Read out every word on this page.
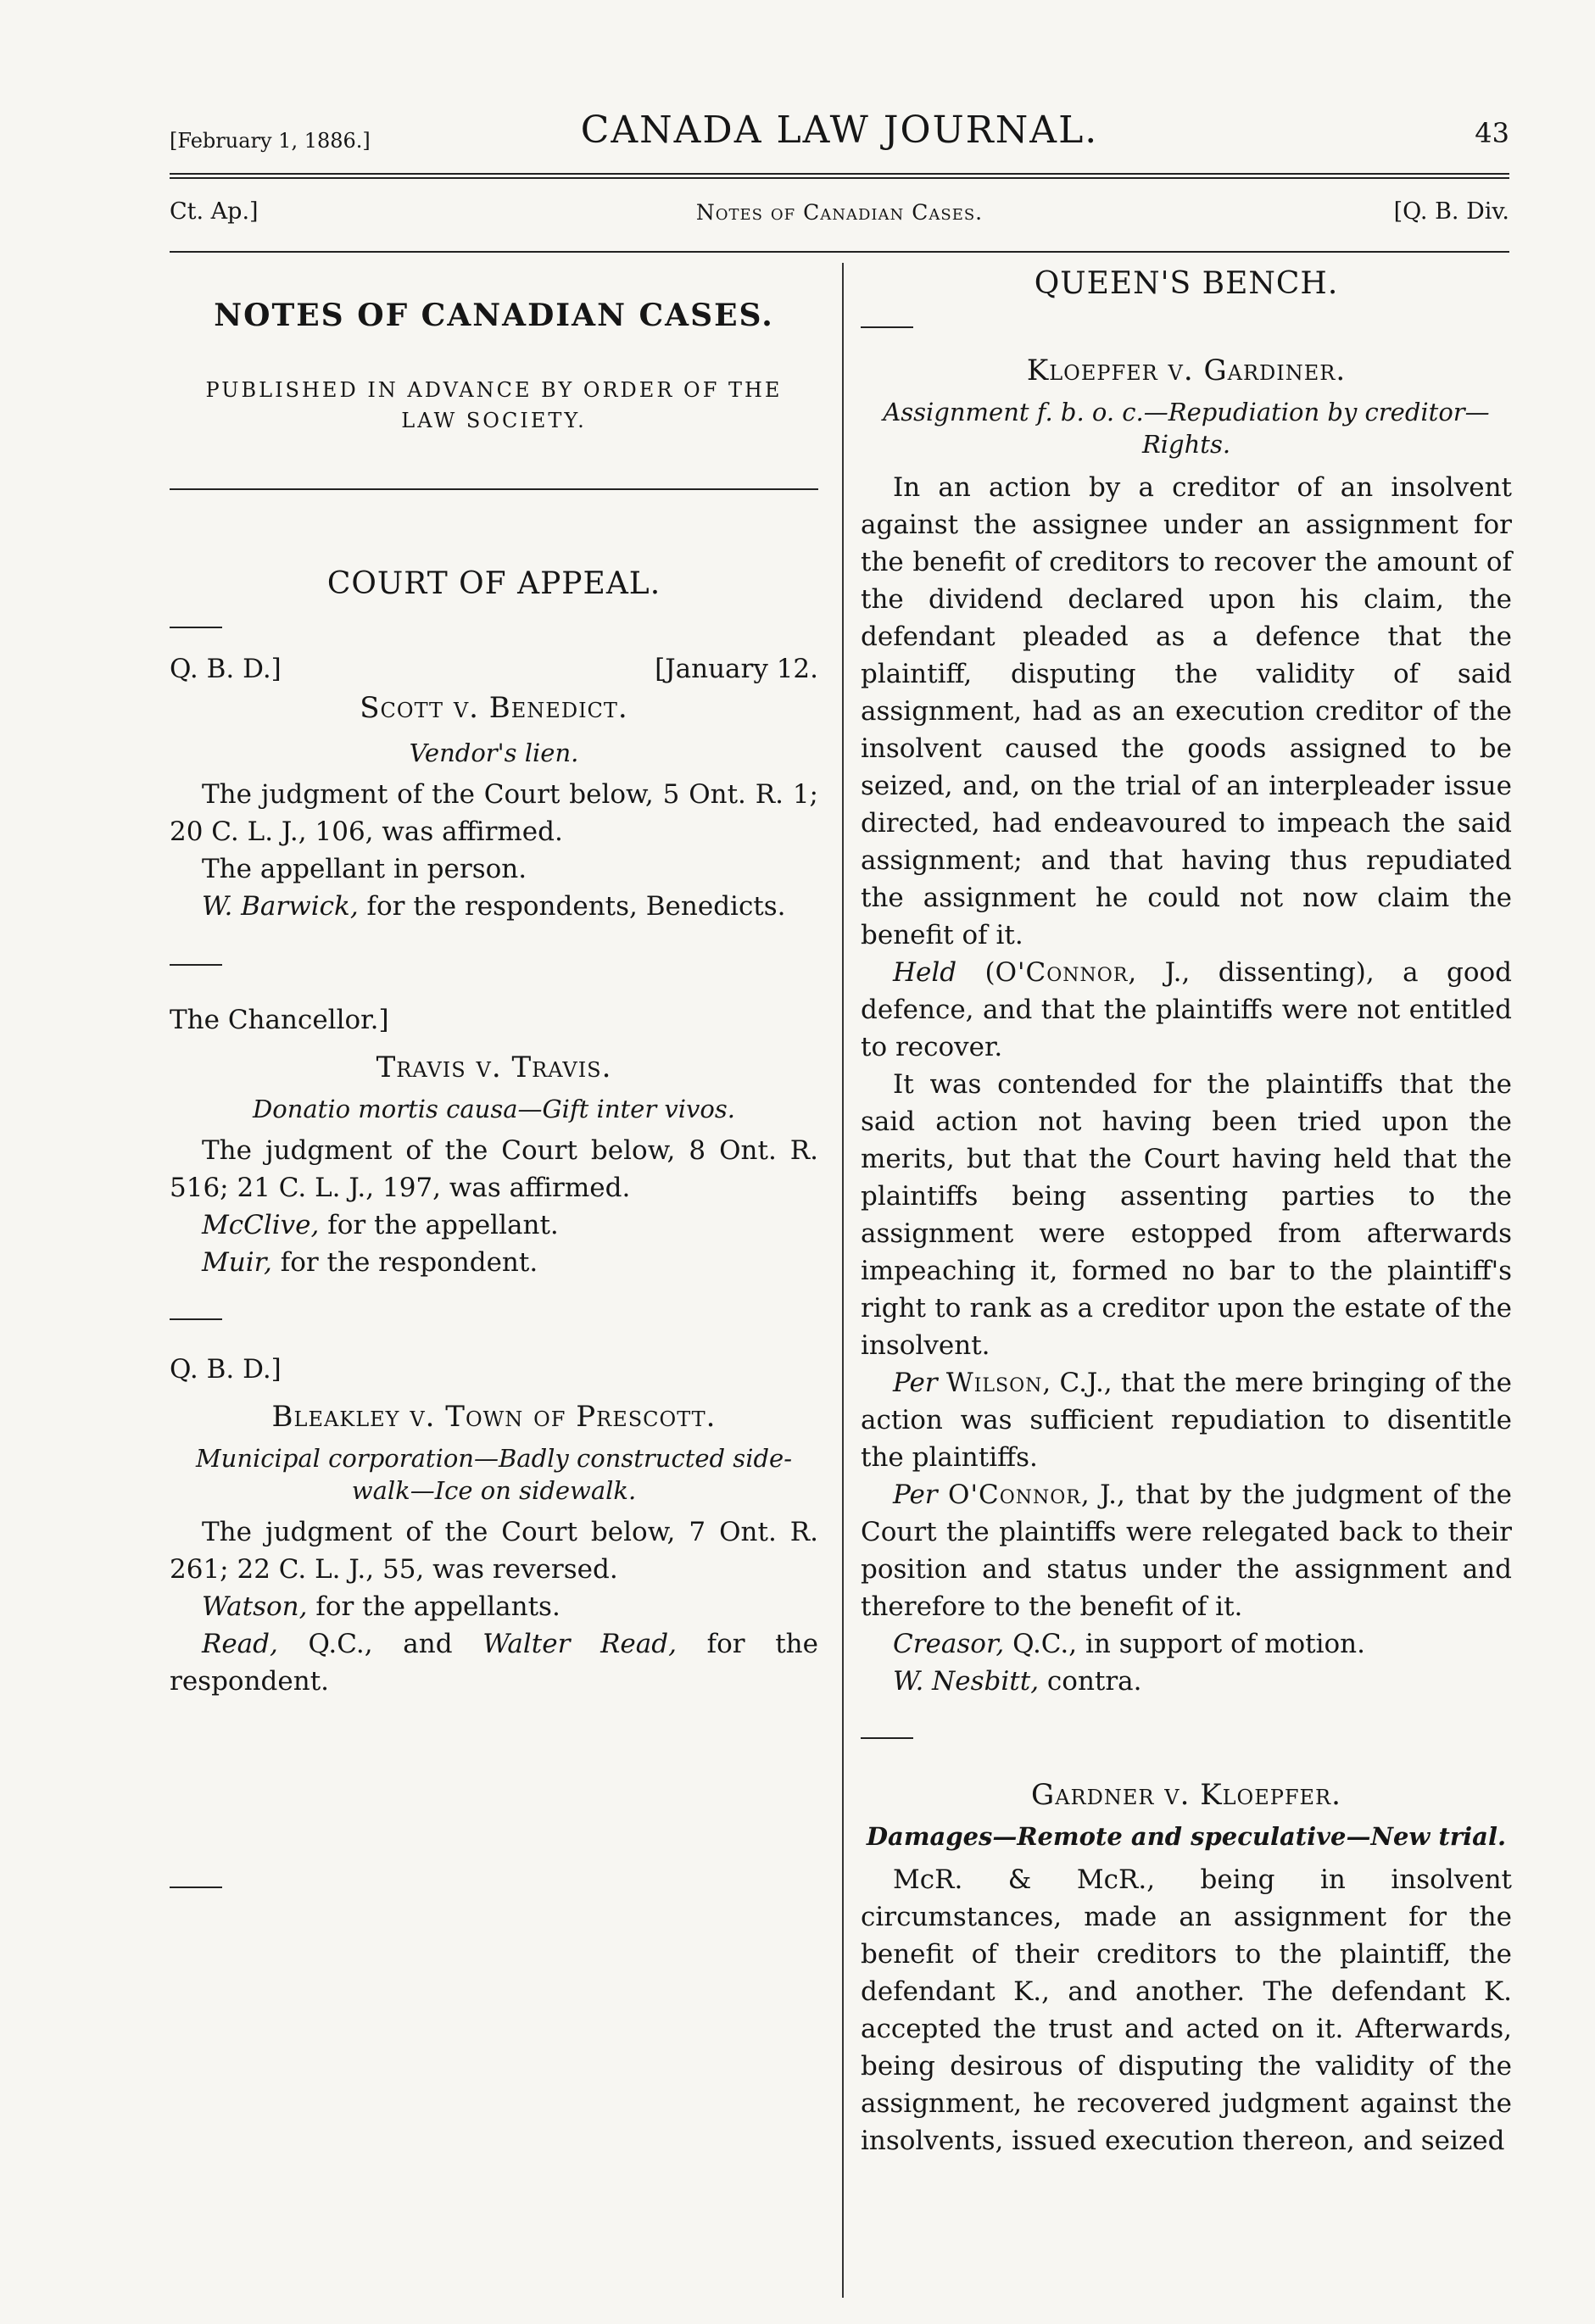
[February 1, 1886.]	CANADA LAW JOURNAL.	43
Ct. Ap.]	Notes of Canadian Cases.	[Q. B. Div.
NOTES OF CANADIAN CASES.
PUBLISHED IN ADVANCE BY ORDER OF THE
LAW SOCIETY.
COURT OF APPEAL.
Q. B. D.]	[January 12.
Scott v. Benedict.
Vendor's lien.

The judgment of the Court below, 5 Ont. R. 1; 20 C. L. J., 106, was affirmed.

The appellant in person.

W. Barwick, for the respondents, Benedicts.

The Chancellor.]
Travis v. Travis.
Donatio mortis causa—Gift inter vivos.

The judgment of the Court below, 8 Ont. R. 516; 21 C. L. J., 197, was affirmed.

McClive, for the appellant.

Muir, for the respondent.

Q. B. D.]
Bleakley v. Town of Prescott.
Municipal corporation—Badly constructed side-
walk—Ice on sidewalk.

The judgment of the Court below, 7 Ont. R. 261; 22 C. L. J., 55, was reversed.

Watson, for the appellants.

Read, Q.C., and Walter Read, for the respondent.

QUEEN'S BENCH.
Kloepfer v. Gardiner.
Assignment f. b. o. c.—Repudiation by creditor—
Rights.

In an action by a creditor of an insolvent against the assignee under an assignment for the benefit of creditors to recover the amount of the dividend declared upon his claim, the defendant pleaded as a defence that the plaintiff, disputing the validity of said assignment, had as an execution creditor of the insolvent caused the goods assigned to be seized, and, on the trial of an interpleader issue directed, had endeavoured to impeach the said assignment; and that having thus repudiated the assignment he could not now claim the benefit of it.

Held (O'Connor, J., dissenting), a good defence, and that the plaintiffs were not entitled to recover.

It was contended for the plaintiffs that the said action not having been tried upon the merits, but that the Court having held that the plaintiffs being assenting parties to the assignment were estopped from afterwards impeaching it, formed no bar to the plaintiff's right to rank as a creditor upon the estate of the insolvent.

Per Wilson, C.J., that the mere bringing of the action was sufficient repudiation to disentitle the plaintiffs.

Per O'Connor, J., that by the judgment of the Court the plaintiffs were relegated back to their position and status under the assignment and therefore to the benefit of it.

Creasor, Q.C., in support of motion.

W. Nesbitt, contra.

Gardner v. Kloepfer.
Damages—Remote and speculative—New trial.

McR. & McR., being in insolvent circumstances, made an assignment for the benefit of their creditors to the plaintiff, the defendant K., and another. The defendant K. accepted the trust and acted on it. Afterwards, being desirous of disputing the validity of the assignment, he recovered judgment against the insolvents, issued execution thereon, and seized
